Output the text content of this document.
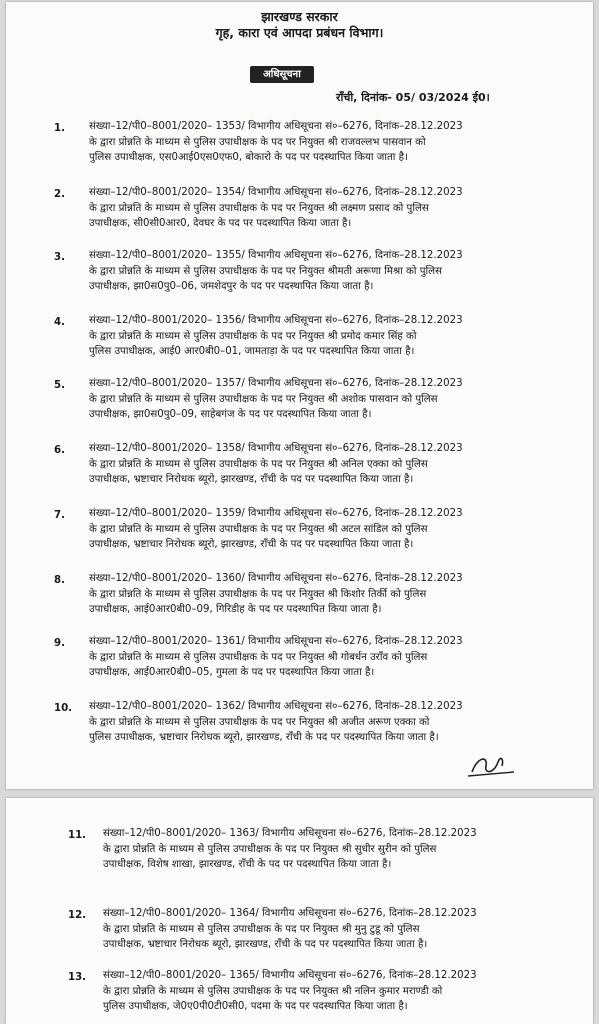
झारखण्ड सरकार
गृह, कारा एवं आपदा प्रबंधन विभाग।
अधिसूचना
राँची, दिनांक- 05/ 03/2024 ई0।
1. संख्या–12/पी0–8001/2020– 1353/ विभागीय अधिसूचना सं०–6276, दिनांक–28.12.2023
के द्वारा प्रोन्नति के माध्यम से पुलिस उपाधीक्षक के पद पर नियुक्त श्री राजवल्लभ पासवान को
पुलिस उपाधीक्षक, एस0आई0एस0एफ0, बोकारो के पद पर पदस्थापित किया जाता है।
2. संख्या–12/पी0–8001/2020– 1354/ विभागीय अधिसूचना सं०–6276, दिनांक–28.12.2023
के द्वारा प्रोन्नति के माध्यम से पुलिस उपाधीक्षक के पद पर नियुक्त श्री लक्ष्मण प्रसाद को पुलिस
उपाधीक्षक, सी0सी0आर0, देवघर के पद पर पदस्थापित किया जाता है।
3. संख्या–12/पी0–8001/2020– 1355/ विभागीय अधिसूचना सं०–6276, दिनांक–28.12.2023
के द्वारा प्रोन्नति के माध्यम से पुलिस उपाधीक्षक के पद पर नियुक्त श्रीमती अरूणा मिश्रा को पुलिस
उपाधीक्षक, झा0स0पु0–06, जमशेदपुर के पद पर पदस्थापित किया जाता है।
4. संख्या–12/पी0–8001/2020– 1356/ विभागीय अधिसूचना सं०–6276, दिनांक–28.12.2023
के द्वारा प्रोन्नति के माध्यम से पुलिस उपाधीक्षक के पद पर नियुक्त श्री प्रमोद कमार सिंह को
पुलिस उपाधीक्षक, आई0 आर0बी0–01, जामताड़ा के पद पर पदस्थापित किया जाता है।
5. संख्या–12/पी0–8001/2020– 1357/ विभागीय अधिसूचना सं०–6276, दिनांक–28.12.2023
के द्वारा प्रोन्नति के माध्यम से पुलिस उपाधीक्षक के पद पर नियुक्त श्री अशोक पासवान को पुलिस
उपाधीक्षक, झा0स0पु0–09, साहेबगंज के पद पर पदस्थापित किया जाता है।
6. संख्या–12/पी0–8001/2020– 1358/ विभागीय अधिसूचना सं०–6276, दिनांक–28.12.2023
के द्वारा प्रोन्नति के माध्यम से पुलिस उपाधीक्षक के पद पर नियुक्त श्री अनिल एक्का को पुलिस
उपाधीक्षक, भ्रष्टाचार निरोधक ब्यूरो, झारखण्ड, राँची के पद पर पदस्थापित किया जाता है।
7. संख्या–12/पी0–8001/2020– 1359/ विभागीय अधिसूचना सं०–6276, दिनांक–28.12.2023
के द्वारा प्रोन्नति के माध्यम से पुलिस उपाधीक्षक के पद पर नियुक्त श्री अटल सांडिल को पुलिस
उपाधीक्षक, भ्रष्टाचार निरोधक ब्यूरो, झारखण्ड, राँची के पद पर पदस्थापित किया जाता है।
8. संख्या–12/पी0–8001/2020– 1360/ विभागीय अधिसूचना सं०–6276, दिनांक–28.12.2023
के द्वारा प्रोन्नति के माध्यम से पुलिस उपाधीक्षक के पद पर नियुक्त श्री किशोर तिर्की को पुलिस
उपाधीक्षक, आई0आर0बी0–09, गिरिडीह के पद पर पदस्थापित किया जाता है।
9. संख्या–12/पी0–8001/2020– 1361/ विभागीय अधिसूचना सं०–6276, दिनांक–28.12.2023
के द्वारा प्रोन्नति के माध्यम से पुलिस उपाधीक्षक के पद पर नियुक्त श्री गोबर्धन उराँव को पुलिस
उपाधीक्षक, आई0आर0बी0–05, गुमला के पद पर पदस्थापित किया जाता है।
10. संख्या–12/पी0–8001/2020– 1362/ विभागीय अधिसूचना सं०–6276, दिनांक–28.12.2023
के द्वारा प्रोन्नति के माध्यम से पुलिस उपाधीक्षक के पद पर नियुक्त श्री अजीत अरूण एक्का को
पुलिस उपाधीक्षक, भ्रष्टाचार निरोधक ब्यूरो, झारखण्ड, राँची के पद पर पदस्थापित किया जाता है।
11. संख्या–12/पी0–8001/2020– 1363/ विभागीय अधिसूचना सं०–6276, दिनांक–28.12.2023
के द्वारा प्रोन्नति के माध्यम से पुलिस उपाधीक्षक के पद पर नियुक्त श्री सुधीर सुरीन को पुलिस
उपाधीक्षक, विशेष शाखा, झारखण्ड, राँची के पद पर पदस्थापित किया जाता है।
12. संख्या–12/पी0–8001/2020– 1364/ विभागीय अधिसूचना सं०–6276, दिनांक–28.12.2023
के द्वारा प्रोन्नति के माध्यम से पुलिस उपाधीक्षक के पद पर नियुक्त श्री मुनु टुडू को पुलिस
उपाधीक्षक, भ्रष्टाचार निरोधक ब्यूरो, झारखण्ड, राँची के पद पर पदस्थापित किया जाता है।
13. संख्या–12/पी0–8001/2020– 1365/ विभागीय अधिसूचना सं०–6276, दिनांक–28.12.2023
के द्वारा प्रोन्नति के माध्यम से पुलिस उपाधीक्षक के पद पर नियुक्त श्री नलिन कुमार मराण्डी को
पुलिस उपाधीक्षक, जे0ए0पी0टी0सी0, पदमा के पद पर पदस्थापित किया जाता है।
